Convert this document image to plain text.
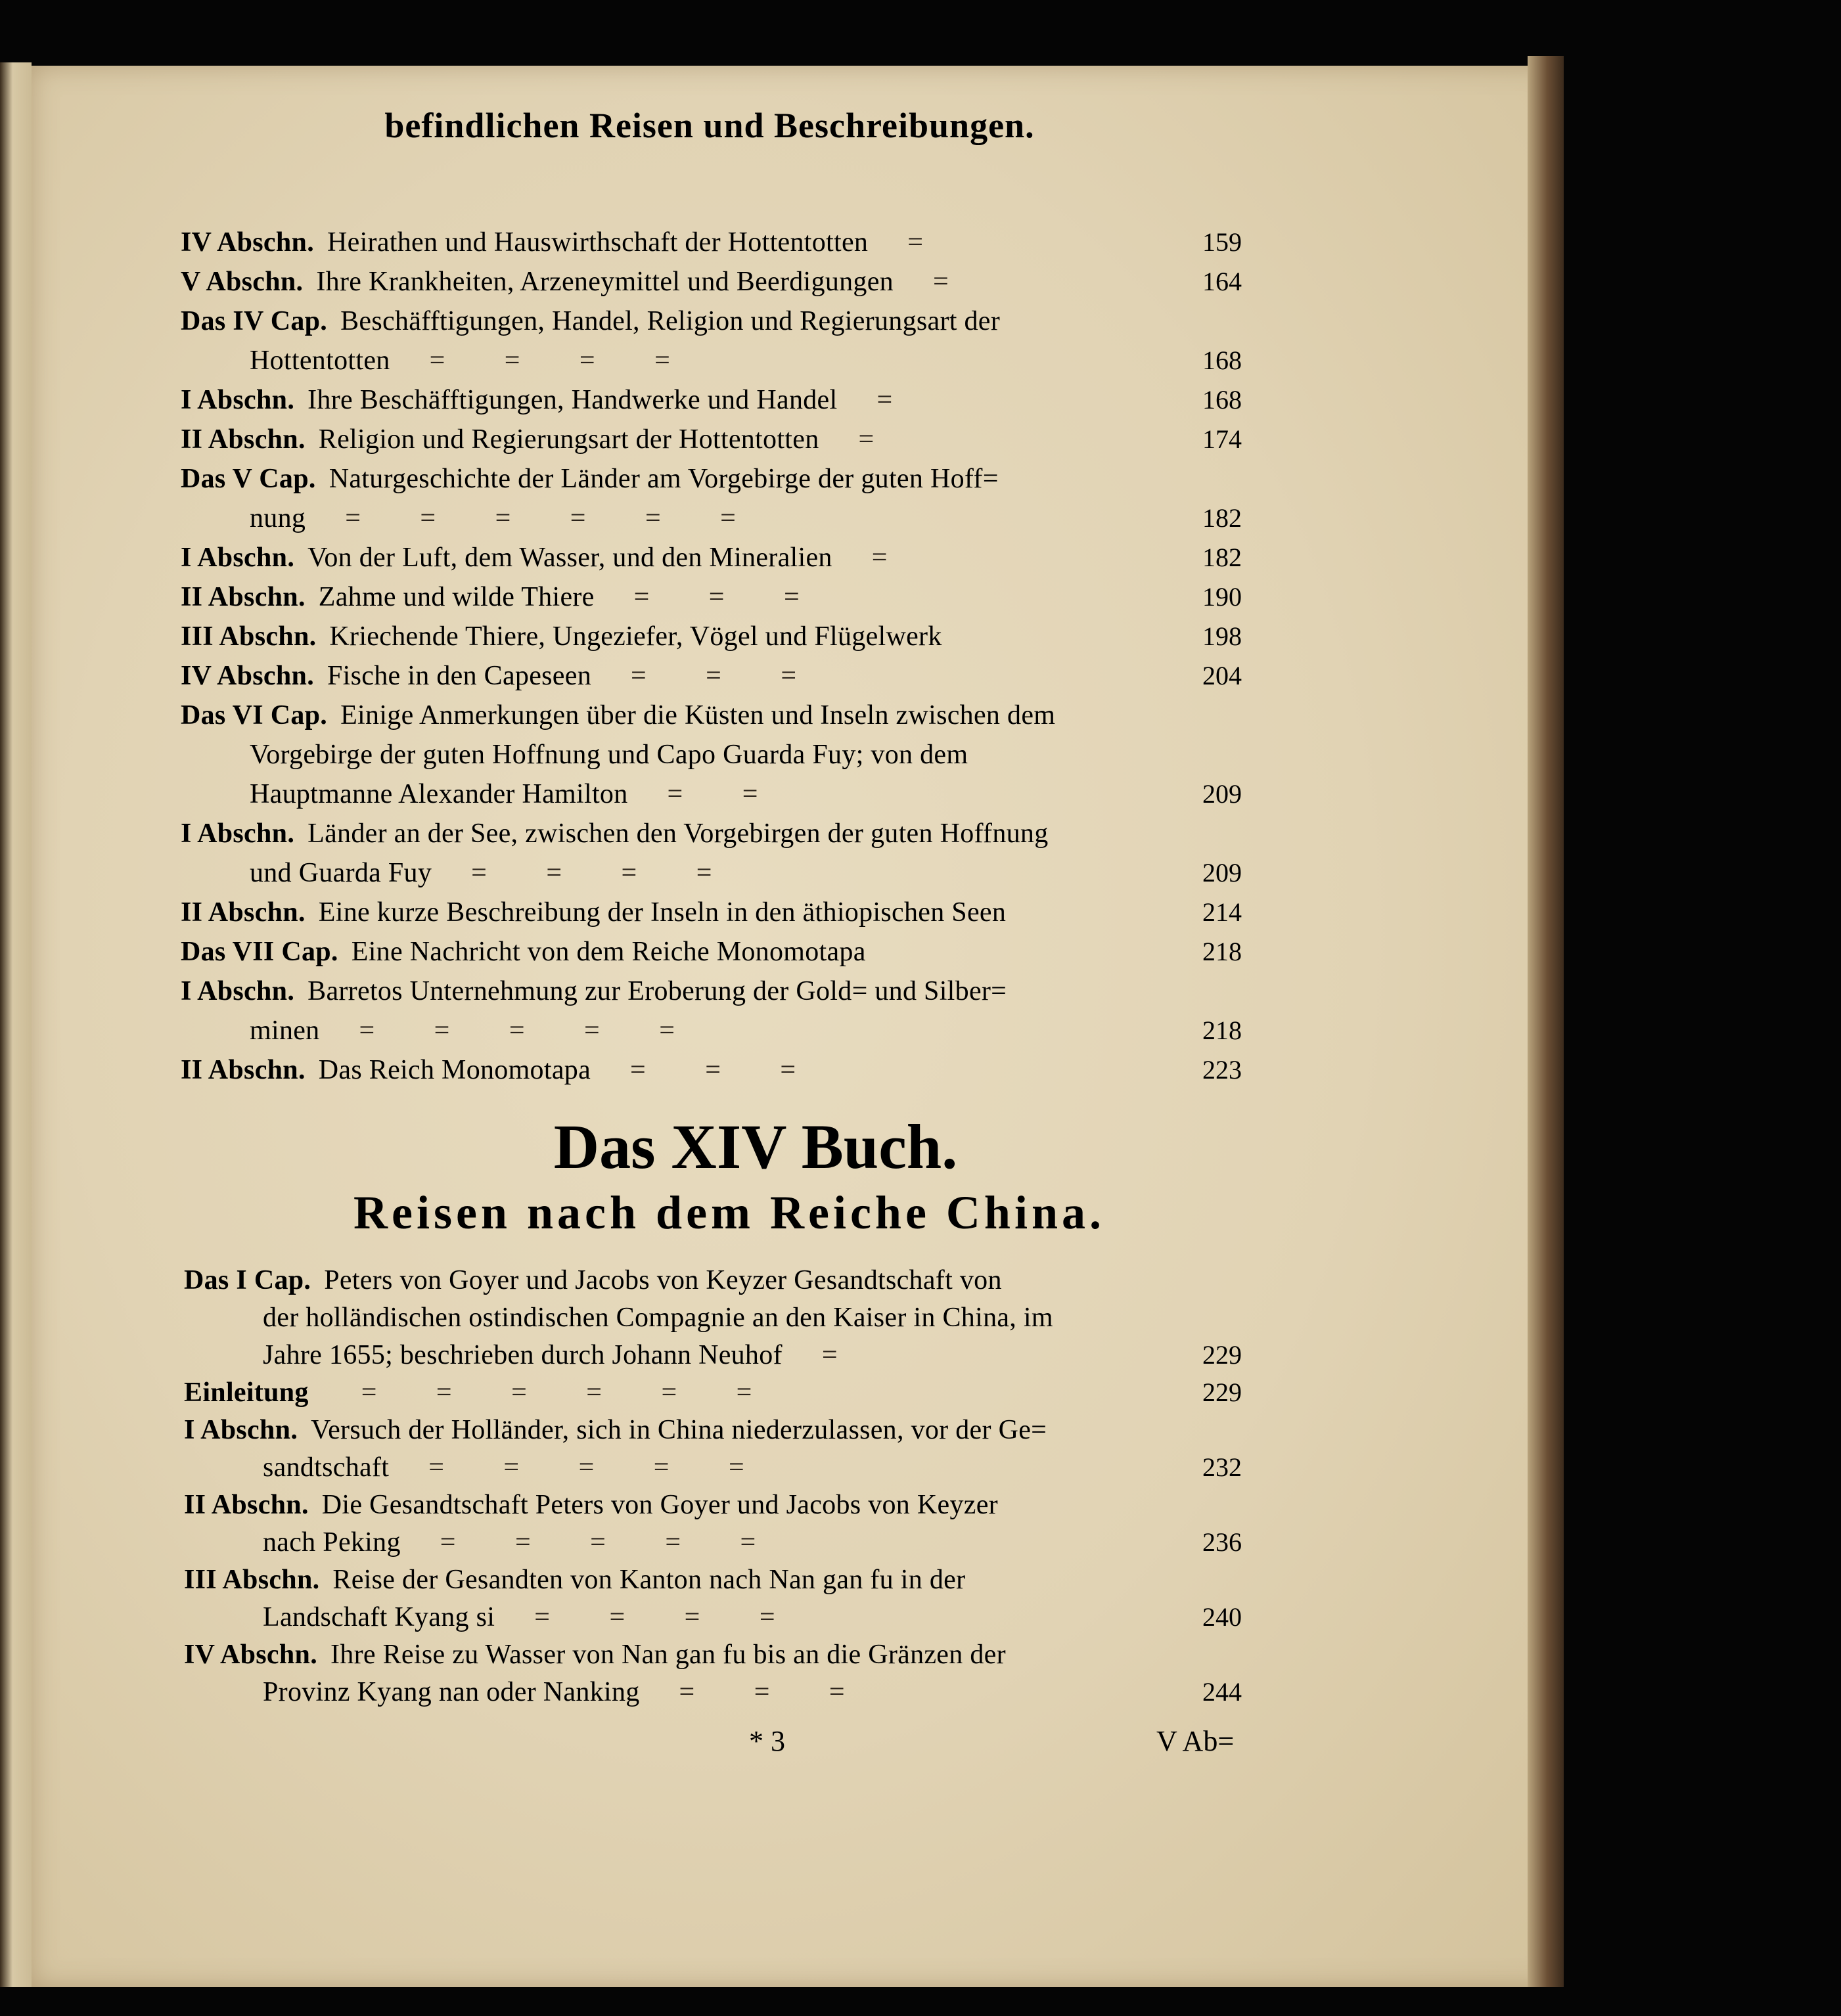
befindlichen Reisen und Beschreibungen.
IV Abschn. Heirathen und Hauswirthschaft der Hottentotten =	159
V Abschn. Ihre Krankheiten, Arzeneymittel und Beerdigungen =	164
Das IV Cap. Beschäfftigungen, Handel, Religion und Regierungsart der
Hottentotten = = = =	168
I Abschn. Ihre Beschäfftigungen, Handwerke und Handel =	168
II Abschn. Religion und Regierungsart der Hottentotten =	174
Das V Cap. Naturgeschichte der Länder am Vorgebirge der guten Hoff=
nung = = = = = =	182
I Abschn. Von der Luft, dem Wasser, und den Mineralien =	182
II Abschn. Zahme und wilde Thiere = = =	190
III Abschn. Kriechende Thiere, Ungeziefer, Vögel und Flügelwerk	198
IV Abschn. Fische in den Capeseen = = =	204
Das VI Cap. Einige Anmerkungen über die Küsten und Inseln zwischen dem
Vorgebirge der guten Hoffnung und Capo Guarda Fuy; von dem
Hauptmanne Alexander Hamilton = =	209
I Abschn. Länder an der See, zwischen den Vorgebirgen der guten Hoffnung
und Guarda Fuy = = = =	209
II Abschn. Eine kurze Beschreibung der Inseln in den äthiopischen Seen	214
Das VII Cap. Eine Nachricht von dem Reiche Monomotapa	218
I Abschn. Barretos Unternehmung zur Eroberung der Gold= und Silber=
minen = = = = =	218
II Abschn. Das Reich Monomotapa = = =	223
Das XIV Buch.
Reisen nach dem Reiche China.
Das I Cap. Peters von Goyer und Jacobs von Keyzer Gesandtschaft von
der holländischen ostindischen Compagnie an den Kaiser in China, im
Jahre 1655; beschrieben durch Johann Neuhof =	229
Einleitung = = = = = =	229
I Abschn. Versuch der Holländer, sich in China niederzulassen, vor der Ge=
sandtschaft = = = = =	232
II Abschn. Die Gesandtschaft Peters von Goyer und Jacobs von Keyzer
nach Peking = = = = =	236
III Abschn. Reise der Gesandten von Kanton nach Nan gan fu in der
Landschaft Kyang si = = = =	240
IV Abschn. Ihre Reise zu Wasser von Nan gan fu bis an die Gränzen der
Provinz Kyang nan oder Nanking = = =	244
* 3	V Ab=
